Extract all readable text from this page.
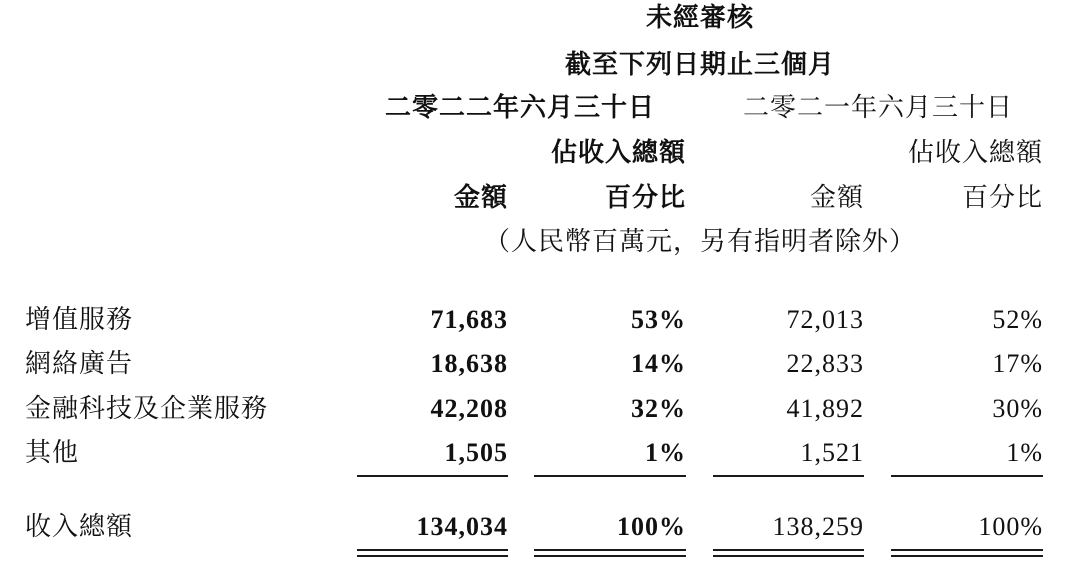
未經審核
截至下列日期止三個月
二零二二年六月三十日	二零二一年六月三十日
佔收入總額	佔收入總額
金額	百分比	金額	百分比
（人民幣百萬元，另有指明者除外）
增值服務	71,683	53%	72,013	52%
網絡廣告	18,638	14%	22,833	17%
金融科技及企業服務	42,208	32%	41,892	30%
其他	1,505	1%	1,521	1%
收入總額	134,034	100%	138,259	100%
